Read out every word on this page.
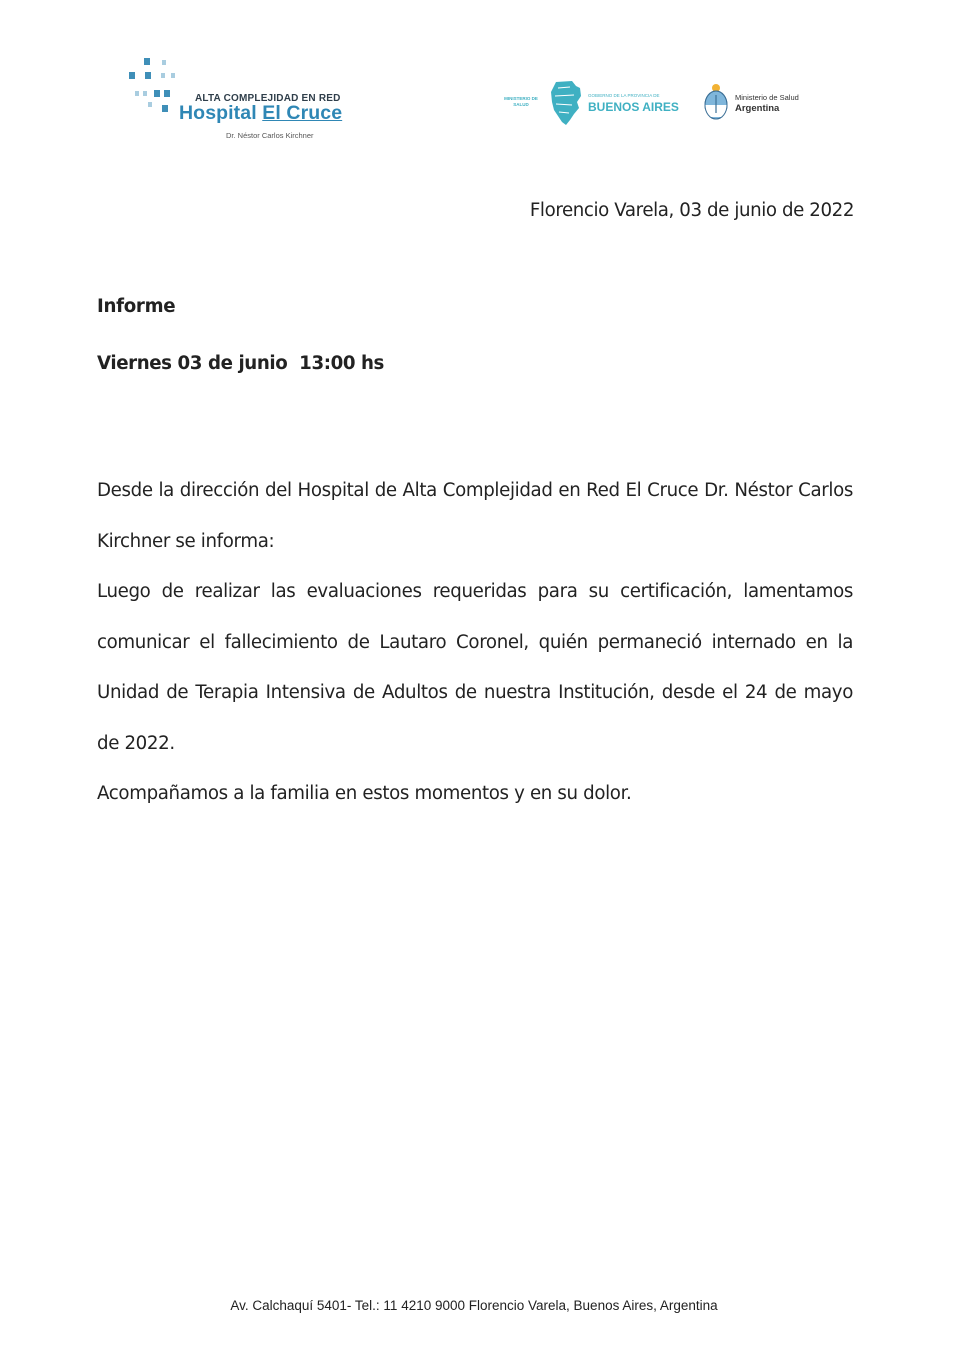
ALTA COMPLEJIDAD EN RED
Hospital El Cruce
Dr. Néstor Carlos Kirchner
MINISTERIO DE SALUD
GOBIERNO DE LA PROVINCIA DE
BUENOS AIRES
Ministerio de Salud
Argentina
Florencio Varela, 03 de junio de 2022
Informe
Viernes 03 de junio  13:00 hs

Desde la dirección del Hospital de Alta Complejidad en Red El Cruce Dr. Néstor Carlos Kirchner se informa:

Luego de realizar las evaluaciones requeridas para su certificación, lamentamos comunicar el fallecimiento de Lautaro Coronel, quién permaneció internado en la Unidad de Terapia Intensiva de Adultos de nuestra Institución, desde el 24 de mayo de 2022.

Acompañamos a la familia en estos momentos y en su dolor.

Av. Calchaquí 5401- Tel.: 11 4210 9000 Florencio Varela, Buenos Aires, Argentina
